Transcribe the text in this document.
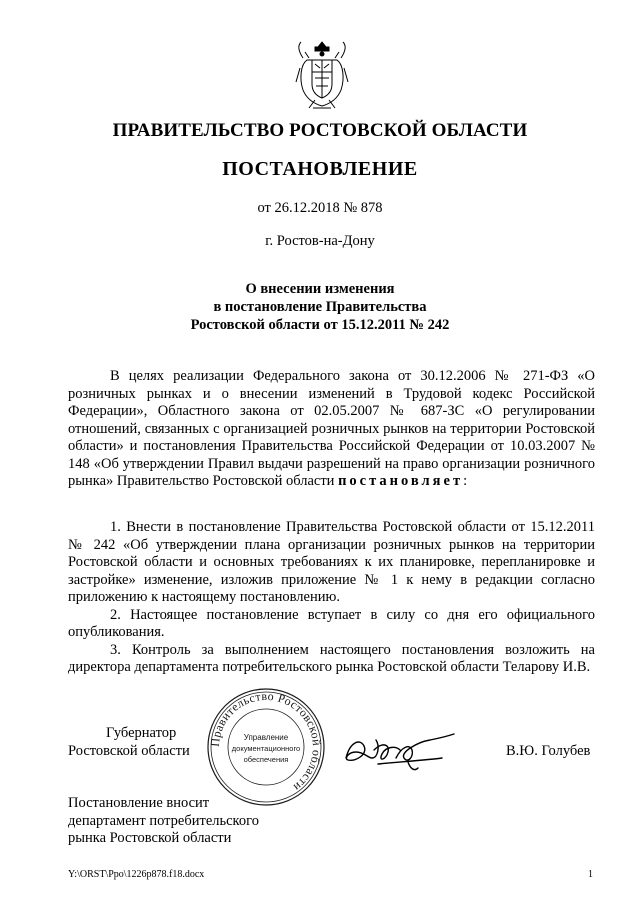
ПРАВИТЕЛЬСТВО РОСТОВСКОЙ ОБЛАСТИ
ПОСТАНОВЛЕНИЕ
от 26.12.2018 № 878
г. Ростов-на-Дону
О внесении изменения
в постановление Правительства
Ростовской области от 15.12.2011 № 242

В целях реализации Федерального закона от 30.12.2006 № 271-ФЗ «О розничных рынках и о внесении изменений в Трудовой кодекс Российской Федерации», Областного закона от 02.05.2007 № 687-ЗС «О регулировании отношений, связанных с организацией розничных рынков на территории Ростовской области» и постановления Правительства Российской Федерации от 10.03.2007 № 148 «Об утверждении Правил выдачи разрешений на право организации розничного рынка» Правительство Ростовской области постановляет:

1. Внести в постановление Правительства Ростовской области от 15.12.2011 № 242 «Об утверждении плана организации розничных рынков на территории Ростовской области и основных требованиях к их планировке, перепланировке и застройке» изменение, изложив приложение № 1 к нему в редакции согласно приложению к настоящему постановлению.

2. Настоящее постановление вступает в силу со дня его официального опубликования.

3. Контроль за выполнением настоящего постановления возложить на директора департамента потребительского рынка Ростовской области Теларову И.В.

Губернатор
Ростовской области
Правительство Ростовской области
Управление
документационного
обеспечения
В.Ю. Голубев
Постановление вносит
департамент потребительского
рынка Ростовской области
Y:\ORST\Ppo\1226p878.f18.docx	1
